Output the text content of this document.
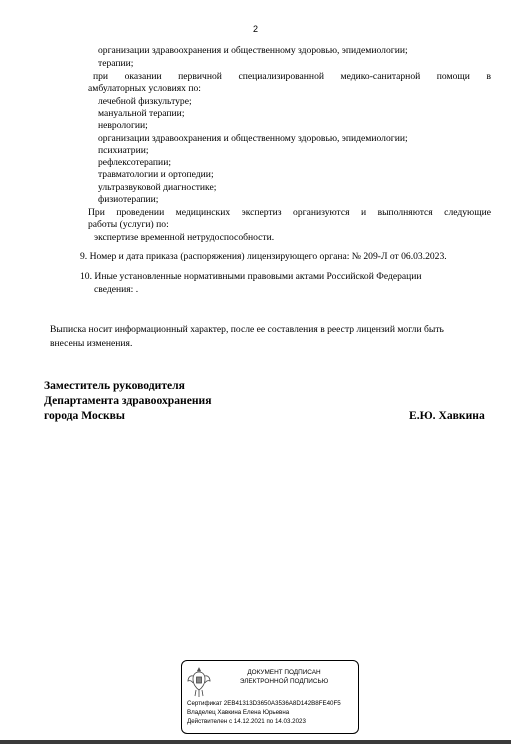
2
организации здравоохранения и общественному здоровью, эпидемиологии;
терапии;
при оказании первичной специализированной медико-санитарной помощи в
амбулаторных условиях по:
лечебной физкультуре;
мануальной терапии;
неврологии;
организации здравоохранения и общественному здоровью, эпидемиологии;
психиатрии;
рефлексотерапии;
травматологии и ортопедии;
ультразвуковой диагностике;
физиотерапии;
При проведении медицинских экспертиз организуются и выполняются следующие
работы (услуги) по:
экспертизе временной нетрудоспособности.
9. Номер и дата приказа (распоряжения) лицензирующего органа: № 209-Л от 06.03.2023.
10. Иные установленные нормативными правовыми актами Российской Федерации
сведения: .
Выписка носит информационный характер, после ее составления в реестр лицензий могли быть
внесены изменения.
Заместитель руководителя
Департамента здравоохранения
города Москвы	Е.Ю. Хавкина
ДОКУМЕНТ ПОДПИСАН
ЭЛЕКТРОННОЙ ПОДПИСЬЮ
Сертификат 2ЕВ41313D3650A3536A8D142B8FE40F5
Владелец Хавкина Елена Юрьевна
Действителен с 14.12.2021 по 14.03.2023
